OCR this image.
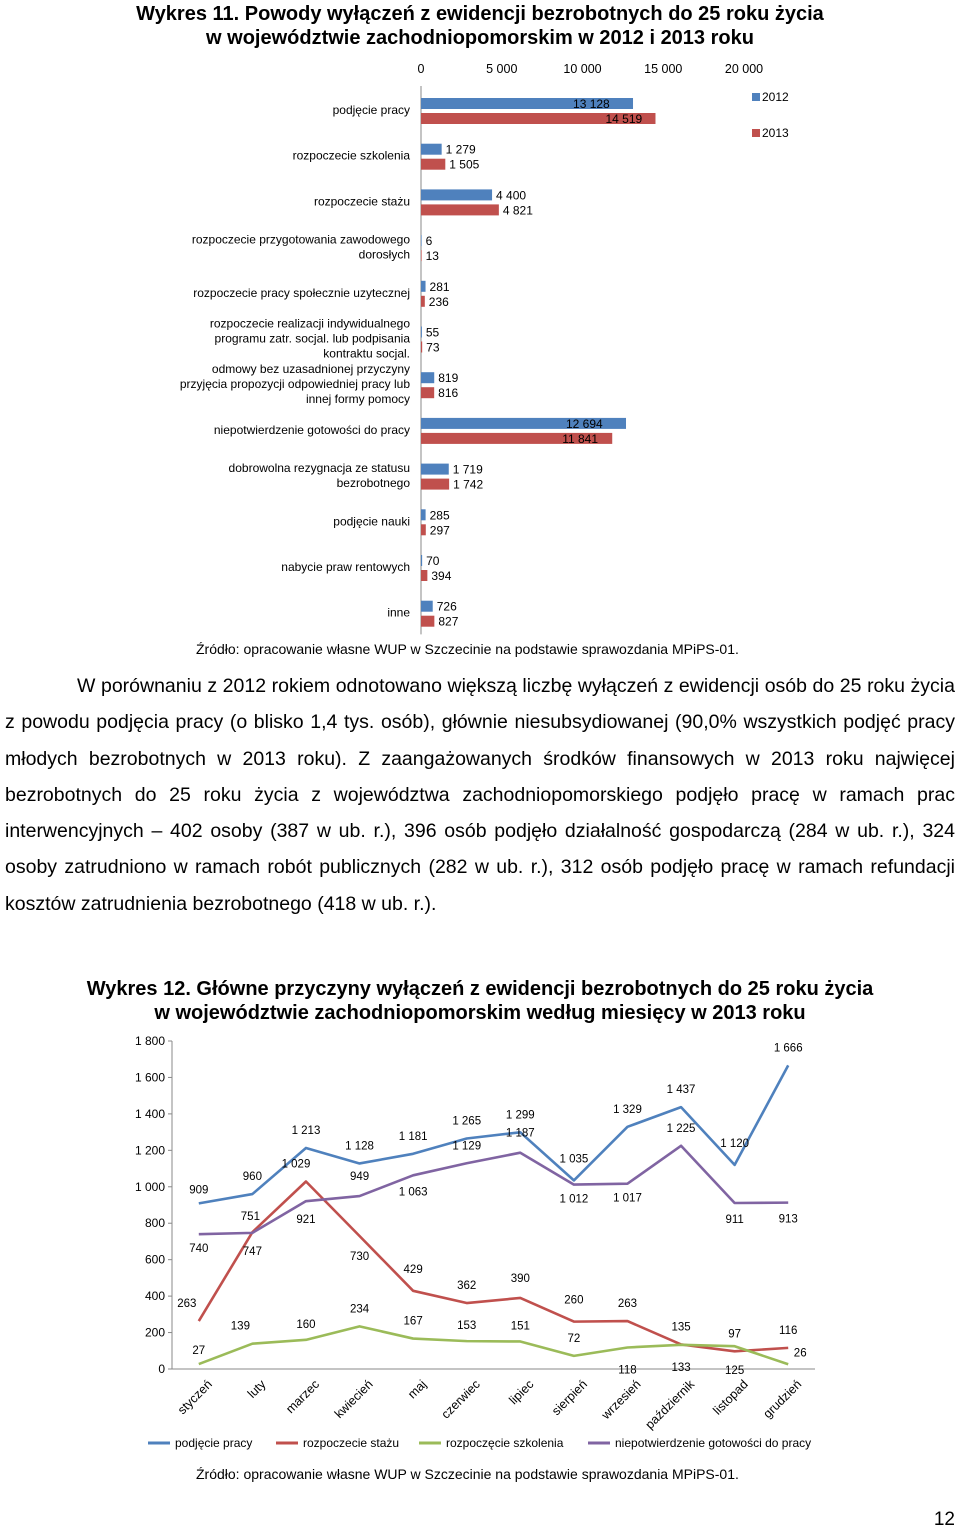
Wykres 11. Powody wyłączeń z ewidencji bezrobotnych do 25 roku życia
w województwie zachodniopomorskim w 2012 i 2013 roku
0	5 000	10 000	15 000	20 000
podjęcie pracy	13 128
14 519
rozpoczecie szkolenia	1 279
1 505
rozpoczecie stażu	4 400
4 821
rozpoczecie przygotowania zawodowego dorosłych
6
13
rozpoczecie pracy społecznie uzytecznej 281
236
rozpoczecie realizacji indywidualnego programu zatr. socjal. lub podpisania kontraktu socjal.
55
73
odmowy bez uzasadnionej przyczyny przyjęcia propozycji odpowiedniej pracy lub innej formy pomocy
819
816
niepotwierdzenie gotowości do pracy	12 694
11 841
dobrowolna rezygnacja ze statusu bezrobotnego
1 719
1 742
podjęcie nauki 285
297
nabycie praw rentowych 70
394
inne 726
827
2012
2013
Źródło: opracowanie własne WUP w Szczecinie na podstawie sprawozdania MPiPS-01.

W porównaniu z 2012 rokiem odnotowano większą liczbę wyłączeń z ewidencji osób do 25 roku życia z powodu podjęcia pracy (o blisko 1,4 tys. osób), głównie niesubsydiowanej (90,0% wszystkich podjęć pracy młodych bezrobotnych w 2013 roku). Z zaangażowanych środków finansowych w 2013 roku najwięcej bezrobotnych do 25 roku życia z województwa zachodniopomorskiego podjęło pracę w ramach prac interwencyjnych – 402 osoby (387 w ub. r.), 396 osób podjęło działalność gospodarczą (284 w ub. r.), 324 osoby zatrudniono w ramach robót publicznych (282 w ub. r.), 312 osób podjęło pracę w ramach refundacji kosztów zatrudnienia bezrobotnego (418 w ub. r.).

Wykres 12. Główne przyczyny wyłączeń z ewidencji bezrobotnych do 25 roku życia
w województwie zachodniopomorskim według miesięcy w 2013 roku
0
200
400
600
800
1 000
1 200
1 400
1 600
1 800
styczeń luty marzec kwiecień maj czerwiec lipiec sierpień wrzesień
październik listopad grudzień
909
960
1 213
1 128
1 181
1 265
1 299
1 035
1 329
1 437
1 120
1 666
263
751
1 029
730
429
362
390
260	263
135
97	116
27
139	160
234
167	153	151
72
118	133	125
26
740	747
921
949
1 063
1 129
1 187
1 012 1 017
1 225
911	913
podjęcie pracy	rozpoczecie stażu	rozpoczęcie szkolenia	niepotwierdzenie gotowości do pracy
Źródło: opracowanie własne WUP w Szczecinie na podstawie sprawozdania MPiPS-01.
12
